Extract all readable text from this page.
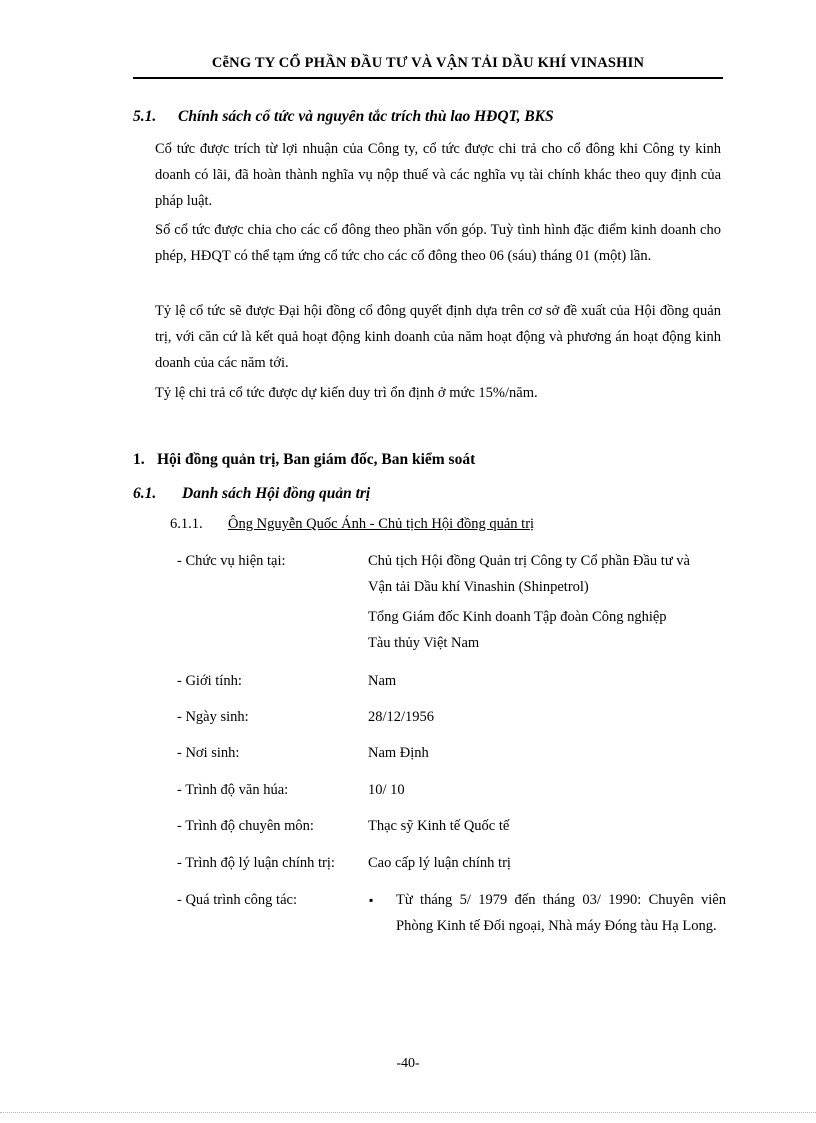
CễNG TY CỔ PHẦN ĐẦU TƯ VÀ VẬN TẢI DẦU KHÍ VINASHIN
5.1. Chính sách cổ tức và nguyên tắc trích thù lao HĐQT, BKS
Cổ tức được trích từ lợi nhuận của Công ty, cổ tức được chi trả cho cổ đông khi Công ty kinh doanh có lãi, đã hoàn thành nghĩa vụ nộp thuế và các nghĩa vụ tài chính khác theo quy định của pháp luật.
Số cổ tức được chia cho các cổ đông theo phần vốn góp. Tuỳ tình hình đặc điểm kinh doanh cho phép, HĐQT có thể tạm ứng cổ tức cho các cổ đông theo 06 (sáu) tháng 01 (một) lần.
Tỷ lệ cổ tức sẽ được Đại hội đồng cổ đông quyết định dựa trên cơ sở đề xuất của Hội đồng quản trị, với căn cứ là kết quả hoạt động kinh doanh của năm hoạt động và phương án hoạt động kinh doanh của các năm tới.
Tỷ lệ chi trả cổ tức được dự kiến duy trì ổn định ở mức 15%/năm.
1. Hội đồng quản trị, Ban giám đốc, Ban kiểm soát
6.1. Danh sách Hội đồng quản trị
6.1.1. Ông Nguyễn Quốc Ánh - Chủ tịch Hội đồng quản trị
- Chức vụ hiện tại:	Chủ tịch Hội đồng Quản trị Công ty Cổ phần Đầu tư và
Vận tải Dầu khí Vinashin (Shinpetrol)
Tổng Giám đốc Kinh doanh Tập đoàn Công nghiệp
Tàu thủy Việt Nam
- Giới tính:	Nam
- Ngày sinh:	28/12/1956
- Nơi sinh:	Nam Định
- Trình độ văn húa:	10/ 10
- Trình độ chuyên môn:	Thạc sỹ Kinh tế Quốc tế
- Trình độ lý luận chính trị: Cao cấp lý luận chính trị
- Quá trình công tác:	▪ Từ tháng 5/ 1979 đến tháng 03/ 1990: Chuyên viên Phòng Kinh tế Đối ngoại, Nhà máy Đóng tàu Hạ Long.
-40-
